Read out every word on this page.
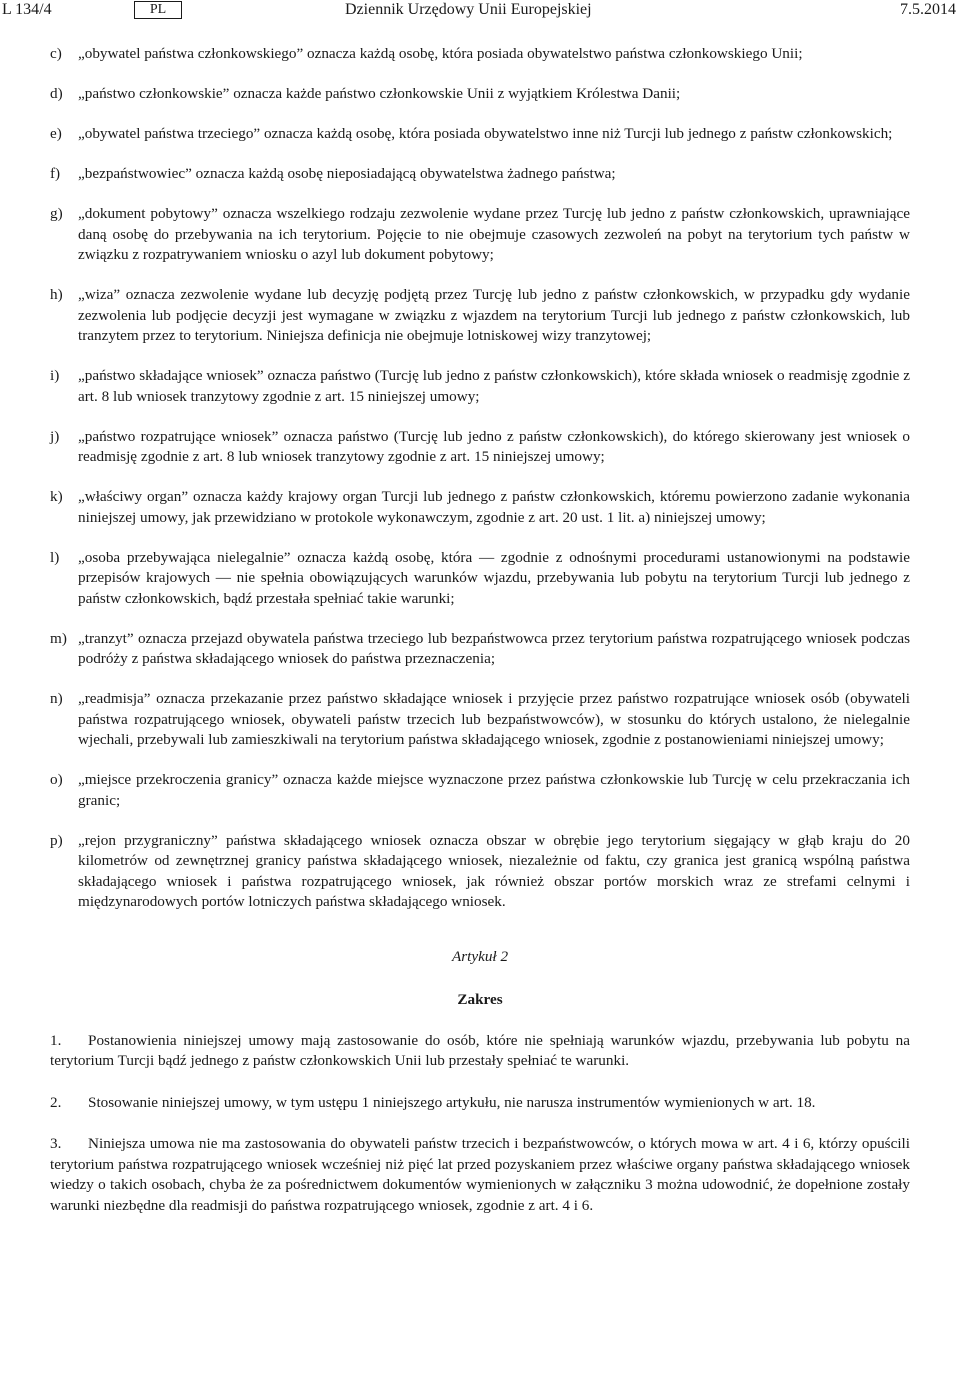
L 134/4	PL	Dziennik Urzędowy Unii Europejskiej	7.5.2014
c) „obywatel państwa członkowskiego” oznacza każdą osobę, która posiada obywatelstwo państwa członkowskiego Unii;
d) „państwo członkowskie” oznacza każde państwo członkowskie Unii z wyjątkiem Królestwa Danii;
e) „obywatel państwa trzeciego” oznacza każdą osobę, która posiada obywatelstwo inne niż Turcji lub jednego z państw członkowskich;
f) „bezpaństwowiec” oznacza każdą osobę nieposiadającą obywatelstwa żadnego państwa;
g) „dokument pobytowy” oznacza wszelkiego rodzaju zezwolenie wydane przez Turcję lub jedno z państw członkowskich, uprawniające daną osobę do przebywania na ich terytorium. Pojęcie to nie obejmuje czasowych zezwoleń na pobyt na terytorium tych państw w związku z rozpatrywaniem wniosku o azyl lub dokument pobytowy;
h) „wiza” oznacza zezwolenie wydane lub decyzję podjętą przez Turcję lub jedno z państw członkowskich, w przypadku gdy wydanie zezwolenia lub podjęcie decyzji jest wymagane w związku z wjazdem na terytorium Turcji lub jednego z państw członkowskich, lub tranzytem przez to terytorium. Niniejsza definicja nie obejmuje lotniskowej wizy tranzytowej;
i) „państwo składające wniosek” oznacza państwo (Turcję lub jedno z państw członkowskich), które składa wniosek o readmisję zgodnie z art. 8 lub wniosek tranzytowy zgodnie z art. 15 niniejszej umowy;
j) „państwo rozpatrujące wniosek” oznacza państwo (Turcję lub jedno z państw członkowskich), do którego skierowany jest wniosek o readmisję zgodnie z art. 8 lub wniosek tranzytowy zgodnie z art. 15 niniejszej umowy;
k) „właściwy organ” oznacza każdy krajowy organ Turcji lub jednego z państw członkowskich, któremu powierzono zadanie wykonania niniejszej umowy, jak przewidziano w protokole wykonawczym, zgodnie z art. 20 ust. 1 lit. a) niniejszej umowy;
l) „osoba przebywająca nielegalnie” oznacza każdą osobę, która — zgodnie z odnośnymi procedurami ustanowionymi na podstawie przepisów krajowych — nie spełnia obowiązujących warunków wjazdu, przebywania lub pobytu na terytorium Turcji lub jednego z państw członkowskich, bądź przestała spełniać takie warunki;
m) „tranzyt” oznacza przejazd obywatela państwa trzeciego lub bezpaństwowca przez terytorium państwa rozpatrującego wniosek podczas podróży z państwa składającego wniosek do państwa przeznaczenia;
n) „readmisja” oznacza przekazanie przez państwo składające wniosek i przyjęcie przez państwo rozpatrujące wniosek osób (obywateli państwa rozpatrującego wniosek, obywateli państw trzecich lub bezpaństwowców), w stosunku do których ustalono, że nielegalnie wjechali, przebywali lub zamieszkiwali na terytorium państwa składającego wniosek, zgodnie z postanowieniami niniejszej umowy;
o) „miejsce przekroczenia granicy” oznacza każde miejsce wyznaczone przez państwa członkowskie lub Turcję w celu przekraczania ich granic;
p) „rejon przygraniczny” państwa składającego wniosek oznacza obszar w obrębie jego terytorium sięgający w głąb kraju do 20 kilometrów od zewnętrznej granicy państwa składającego wniosek, niezależnie od faktu, czy granica jest granicą wspólną państwa składającego wniosek i państwa rozpatrującego wniosek, jak również obszar portów morskich wraz ze strefami celnymi i międzynarodowych portów lotniczych państwa składającego wniosek.
Artykuł 2
Zakres
1. Postanowienia niniejszej umowy mają zastosowanie do osób, które nie spełniają warunków wjazdu, przebywania lub pobytu na terytorium Turcji bądź jednego z państw członkowskich Unii lub przestały spełniać te warunki.
2. Stosowanie niniejszej umowy, w tym ustępu 1 niniejszego artykułu, nie narusza instrumentów wymienionych w art. 18.
3. Niniejsza umowa nie ma zastosowania do obywateli państw trzecich i bezpaństwowców, o których mowa w art. 4 i 6, którzy opuścili terytorium państwa rozpatrującego wniosek wcześniej niż pięć lat przed pozyskaniem przez właściwe organy państwa składającego wniosek wiedzy o takich osobach, chyba że za pośrednictwem dokumentów wymienionych w załączniku 3 można udowodnić, że dopełnione zostały warunki niezbędne dla readmisji do państwa rozpatrującego wniosek, zgodnie z art. 4 i 6.
